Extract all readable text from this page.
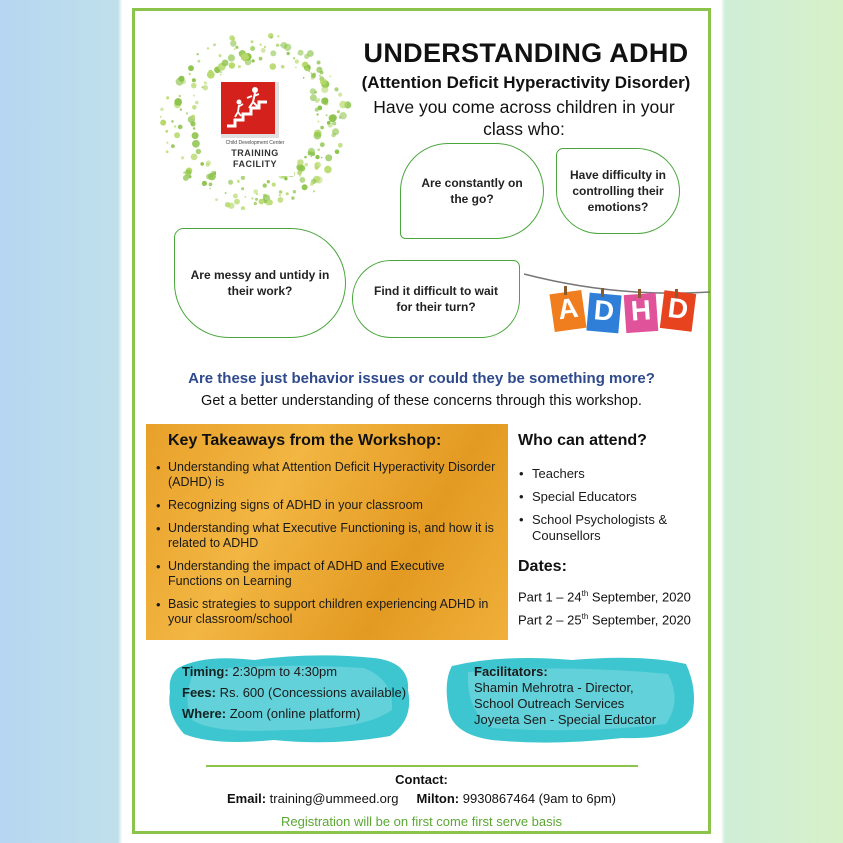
Child Development Center
TRAINING
FACILITY
UNDERSTANDING ADHD
(Attention Deficit Hyperactivity Disorder)
Have you come across children in your class who:
Are constantly on the go?
Have difficulty in controlling their emotions?
Are messy and untidy in their work?	Find it difficult to wait for their turn?	A D H D
Are these just behavior issues or could they be something more?
Get a better understanding of these concerns through this workshop.
Key Takeaways from the Workshop:
• Understanding what Attention Deficit Hyperactivity Disorder (ADHD) is
• Recognizing signs of ADHD in your classroom
• Understanding what Executive Functioning is, and how it is related to ADHD
• Understanding the impact of ADHD and Executive Functions on Learning
• Basic strategies to support children experiencing ADHD in your classroom/school
Who can attend?
• Teachers
• Special Educators
• School Psychologists & Counsellors
Dates:
Part 1 – 24th September, 2020
Part 2 – 25th September, 2020
Timing: 2:30pm to 4:30pm
Fees: Rs. 600 (Concessions available)
Where: Zoom (online platform)
Facilitators:
Shamin Mehrotra - Director,
School Outreach Services
Joyeeta Sen - Special Educator
Contact:
Email: training@ummeed.org Milton: 9930867464 (9am to 6pm)
Registration will be on first come first serve basis
